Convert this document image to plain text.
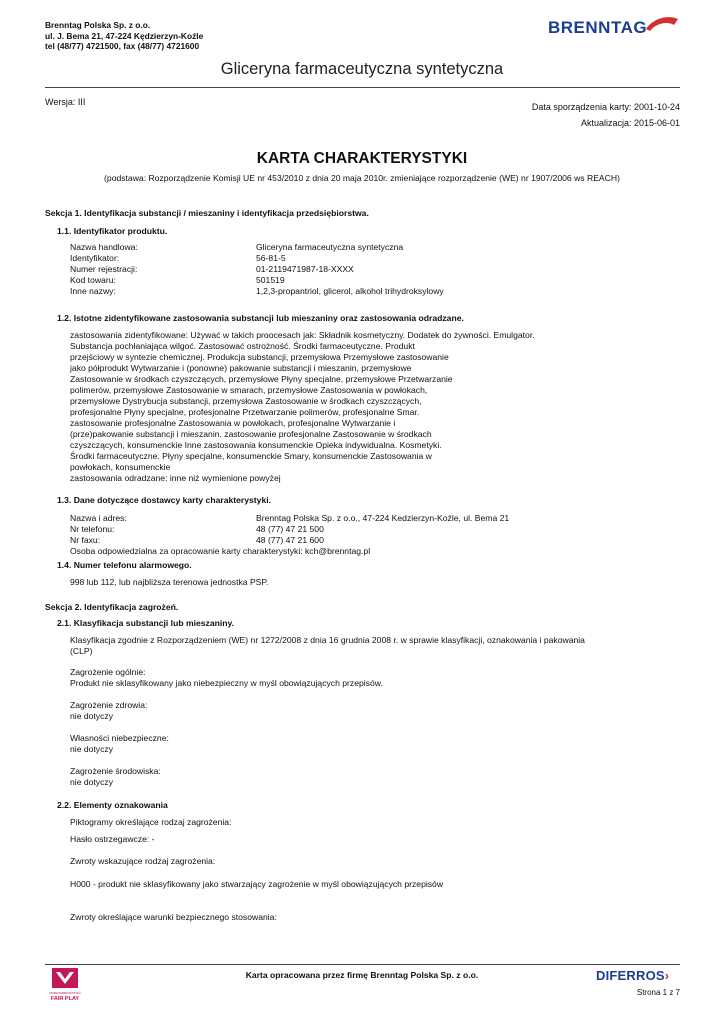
Brenntag Polska Sp. z o.o.
ul. J. Bema 21, 47-224 Kędzierzyn-Koźle
tel (48/77) 4721500, fax (48/77) 4721600
BRENNTAG
Gliceryna farmaceutyczna syntetyczna
Wersja: III	Data sporządzenia karty: 2001-10-24
Aktualizacja: 2015-06-01
KARTA CHARAKTERYSTYKI
(podstawa: Rozporządzenie Komisji UE nr 453/2010 z dnia 20 maja 2010r. zmieniające rozporządzenie (WE) nr 1907/2006 ws REACH)
Sekcja 1. Identyfikacja substancji / mieszaniny i identyfikacja przedsiębiorstwa.
1.1. Identyfikator produktu.
Nazwa handlowa:	Gliceryna farmaceutyczna syntetyczna
Identyfikator:	56-81-5
Numer rejestracji:	01-2119471987-18-XXXX
Kod towaru:	501519
Inne nazwy:	1,2,3-propantriol, glicerol, alkohol trihydroksylowy
1.2. Istotne zidentyfikowane zastosowania substancji lub mieszaniny oraz zastosowania odradzane.
zastosowania zidentyfikowane: Używać w takich proocesach jak: Składnik kosmetyczny. Dodatek do żywności. Emulgator.
Substancja pochłaniająca wilgoć. Zastosować ostrożność. Środki farmaceutyczne. Produkt
przejściowy w syntezie chemicznej. Produkcja substancji, przemysłowa Przemysłowe zastosowanie
jako półprodukt Wytwarzanie i (ponowne) pakowanie substancji i mieszanin, przemysłowe
Zastosowanie w środkach czyszczących, przemysłowe Płyny specjalne, przemysłowe Przetwarzanie
polimerów, przemysłowe Zastosowanie w smarach, przemysłowe Zastosowania w powłokach,
przemysłowe Dystrybucja substancji, przemysłowa Zastosowanie w środkach czyszczących,
profesjonalne Płyny specjalne, profesjonalne Przetwarzanie polimerów, profesjonalne Smar.
zastosowanie profesjonalne Zastosowania w powłokach, profesjonalne Wytwarzanie i
(prze)pakowanie substancji i mieszanin. zastosowanie profesjonalne Zastosowanie w środkach
czyszczących, konsumenckie Inne zastosowania konsumenckie Opieka indywidualna. Kosmetyki.
Środki farmaceutyczne. Płyny specjalne, konsumenckie Smary, konsumenckie Zastosowania w
powłokach, konsumenckie
zastosowania odradzane: inne niż wymienione powyżej
1.3. Dane dotyczące dostawcy karty charakterystyki.
Nazwa i adres:	Brenntag Polska Sp. z o.o., 47-224 Kedzierzyn-Koźle, ul. Bema 21
Nr telefonu:	48 (77) 47 21 500
Nr faxu:	48 (77) 47 21 600
Osoba odpowiedzialna za opracowanie karty charakterystyki: kch@brenntag.pl
1.4. Numer telefonu alarmowego.
998 lub 112, lub najbliższa terenowa jednostka PSP.
Sekcja 2. Identyfikacja zagrożeń.
2.1. Klasyfikacja substancji lub mieszaniny.
Klasyfikacja zgodnie z Rozporządzeniem (WE) nr 1272/2008 z dnia 16 grudnia 2008 r. w sprawie klasyfikacji, oznakowania i pakowania
(CLP)
Zagrożenie ogólnie:
Produkt nie sklasyfikowany jako niebezpieczny w myśl obowiązujących przepisów.
Zagrożenie zdrowia:
nie dotyczy
Własności niebezpieczne:
nie dotyczy
Zagrożenie środowiska:
nie dotyczy
2.2. Elementy oznakowania
Piktogramy określające rodzaj zagrożenia:
Hasło ostrzegawcze: -
Zwroty wskazujące rodzaj zagrożenia:
H000 - produkt nie sklasyfikowany jako stwarzający zagrożenie w myśl obowiązujących przepisów
Zwroty określające warunki bezpiecznego stosowania:
PRZEDSIĘBIORSTWO
FAIR PLAY
Karta opracowana przez firmę Brenntag Polska Sp. z o.o.	DIFERROS›
Strona 1 z 7
